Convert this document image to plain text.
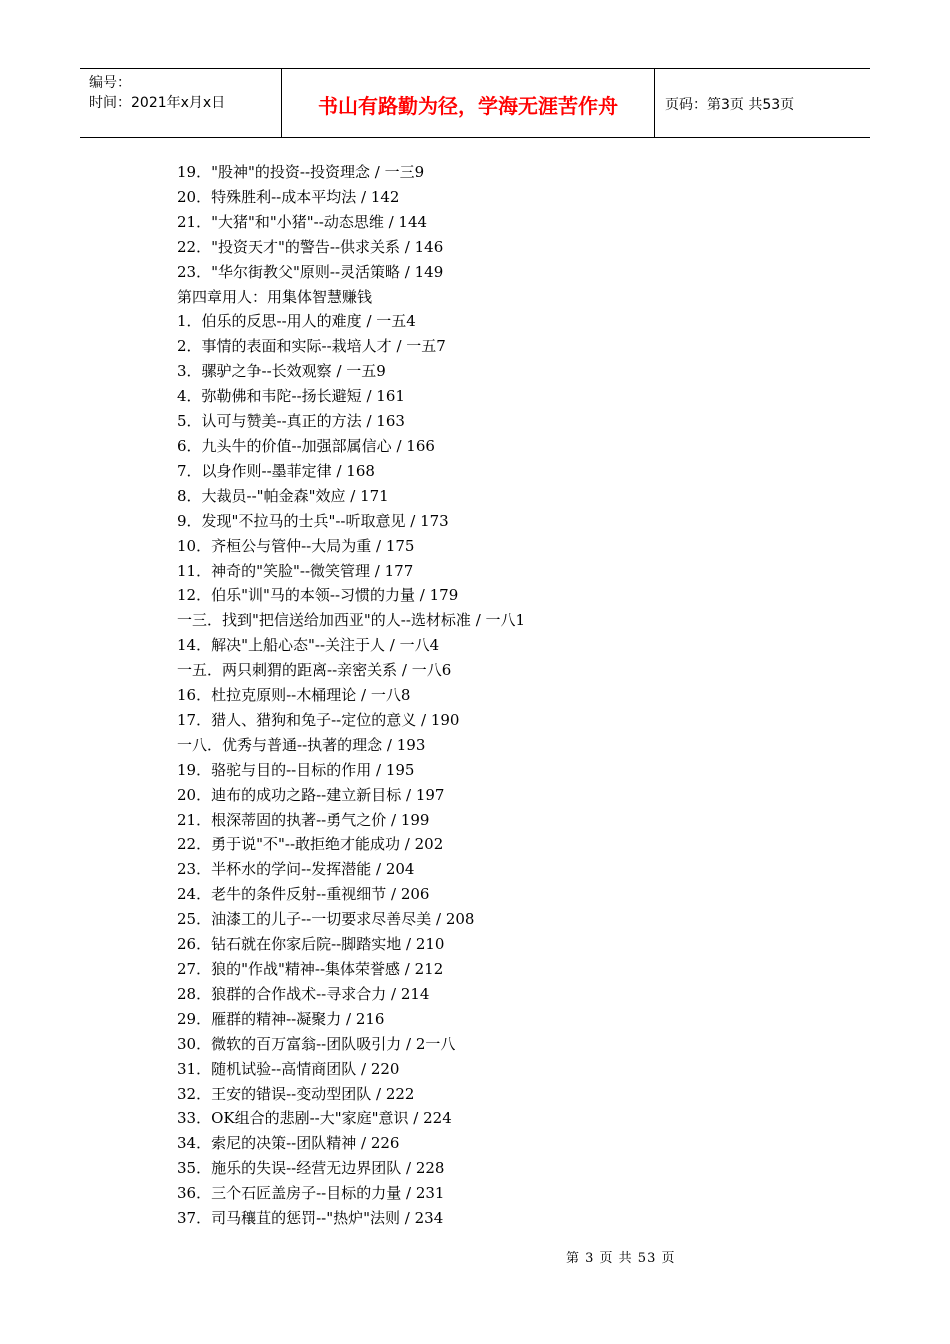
编号：
时间：2021年x月x日	书山有路勤为径，学海无涯苦作舟	页码：第3页 共53页
19．"股神"的投资--投资理念 / 一三9
20．特殊胜利--成本平均法 / 142
21．"大猪"和"小猪"--动态思维 / 144
22．"投资天才"的警告--供求关系 / 146
23．"华尔街教父"原则--灵活策略 / 149
第四章用人：用集体智慧赚钱
1．伯乐的反思--用人的难度 / 一五4
2．事情的表面和实际--栽培人才 / 一五7
3．骡驴之争--长效观察 / 一五9
4．弥勒佛和韦陀--扬长避短 / 161
5．认可与赞美--真正的方法 / 163
6．九头牛的价值--加强部属信心 / 166
7．以身作则--墨菲定律 / 168
8．大裁员--"帕金森"效应 / 171
9．发现"不拉马的士兵"--听取意见 / 173
10．齐桓公与管仲--大局为重 / 175
11．神奇的"笑脸"--微笑管理 / 177
12．伯乐"训"马的本领--习惯的力量 / 179
一三．找到"把信送给加西亚"的人--选材标准 / 一八1
14．解决"上船心态"--关注于人 / 一八4
一五．两只刺猬的距离--亲密关系 / 一八6
16．杜拉克原则--木桶理论 / 一八8
17．猎人、猎狗和兔子--定位的意义 / 190
一八．优秀与普通--执著的理念 / 193
19．骆驼与目的--目标的作用 / 195
20．迪布的成功之路--建立新目标 / 197
21．根深蒂固的执著--勇气之价 / 199
22．勇于说"不"--敢拒绝才能成功 / 202
23．半杯水的学问--发挥潜能 / 204
24．老牛的条件反射--重视细节 / 206
25．油漆工的儿子--一切要求尽善尽美 / 208
26．钻石就在你家后院--脚踏实地 / 210
27．狼的"作战"精神--集体荣誉感 / 212
28．狼群的合作战术--寻求合力 / 214
29．雁群的精神--凝聚力 / 216
30．微软的百万富翁--团队吸引力 / 2一八
31．随机试验--高情商团队 / 220
32．王安的错误--变动型团队 / 222
33．OK组合的悲剧--大"家庭"意识 / 224
34．索尼的决策--团队精神 / 226
35．施乐的失误--经营无边界团队 / 228
36．三个石匠盖房子--目标的力量 / 231
37．司马穰苴的惩罚--"热炉"法则 / 234
第 3 页 共 53 页
